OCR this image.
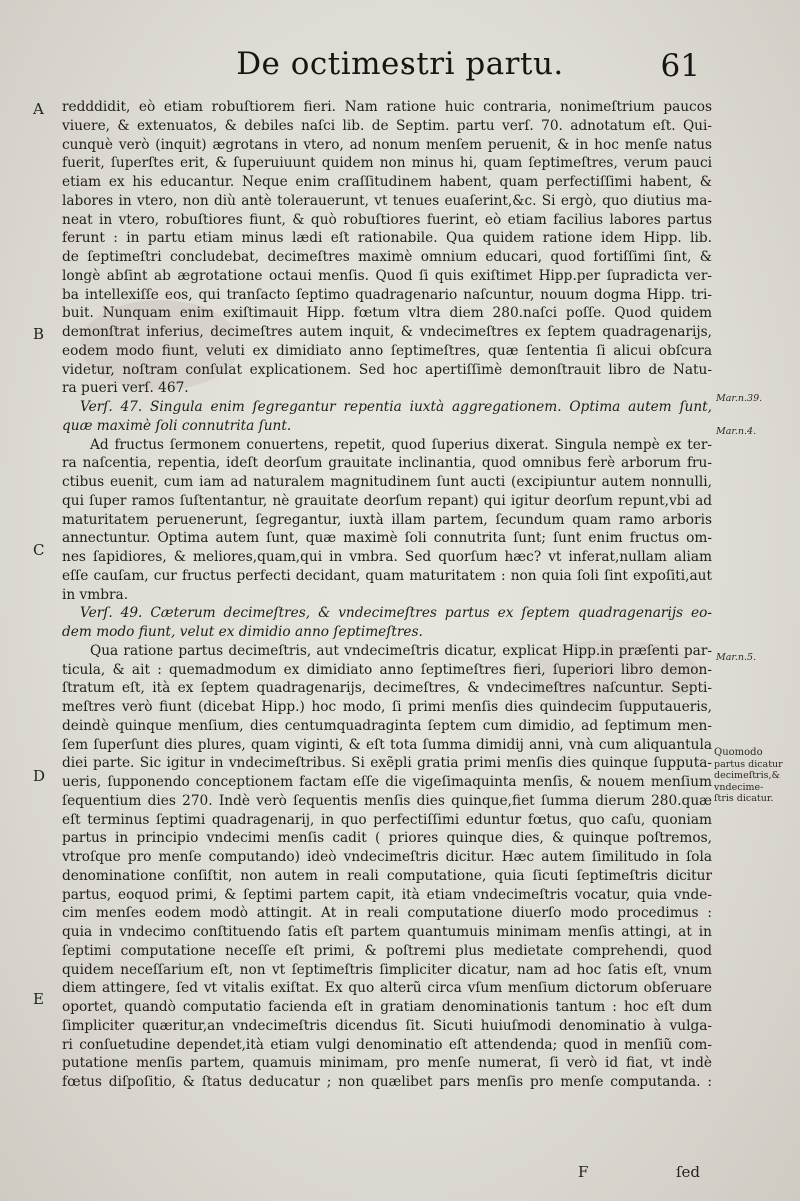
De octimestri partu.	61
A
B
C
D
E
Mar.n.39.
Mar.n.4.
Mar.n.5.
Quomodo
partus dicatur
decimeſtris,&
vndecime-
ſtris dicatur.
redddidit, eò etiam robuſtiorem fieri. Nam ratione huic contraria, nonimeſtrium paucos
viuere, & extenuatos, & debiles naſci lib. de Septim. partu verſ. 70. adnotatum eſt. Qui-
cunquè verò (inquit) ægrotans in vtero, ad nonum menſem peruenit, & in hoc menſe natus
fuerit, ſuperſtes erit, & ſuperuiuunt quidem non minus hi, quam ſeptimeſtres, verum pauci
etiam ex his educantur. Neque enim craſſitudinem habent, quam perfectiſſimi habent, &
labores in vtero, non diù antè tolerauerunt, vt tenues euaſerint,&c. Si ergò, quo diutius ma-
neat in vtero, robuſtiores fiunt, & quò robuſtiores fuerint, eò etiam facilius labores partus
ferunt : in partu etiam minus lædi eſt rationabile. Qua quidem ratione idem Hipp. lib.
de ſeptimeſtri concludebat, decimeſtres maximè omnium educari, quod fortiſſimi ſint, &
longè abſint ab ægrotatione octaui menſis. Quod ſi quis exiſtimet Hipp.per ſupradicta ver-
ba intellexiſſe eos, qui tranſacto ſeptimo quadragenario naſcuntur, nouum dogma Hipp. tri-
buit. Nunquam enim exiſtimauit Hipp. fœtum vltra diem 280.naſci poſſe. Quod quidem
demonſtrat inferius, decimeſtres autem inquit, & vndecimeſtres ex ſeptem quadragenarijs,
eodem modo fiunt, veluti ex dimidiato anno ſeptimeſtres, quæ ſententia ſi alicui obſcura
videtur, noſtram conſulat explicationem. Sed hoc apertiſſimè demonſtrauit libro de Natu-
ra pueri verſ. 467.
Verſ. 47. Singula enim ſegregantur repentia iuxtà aggregationem. Optima autem ſunt,
quæ maximè ſoli connutrita ſunt.
Ad fructus ſermonem conuertens, repetit, quod ſuperius dixerat. Singula nempè ex ter-
ra naſcentia, repentia, ideſt deorſum grauitate inclinantia, quod omnibus ferè arborum fru-
ctibus euenit, cum iam ad naturalem magnitudinem ſunt aucti (excipiuntur autem nonnulli,
qui ſuper ramos ſuſtentantur, nè grauitate deorſum repant) qui igitur deorſum repunt,vbi ad
maturitatem peruenerunt, ſegregantur, iuxtà illam partem, ſecundum quam ramo arboris
annectuntur. Optima autem ſunt, quæ maximè ſoli connutrita ſunt; ſunt enim fructus om-
nes ſapidiores, & meliores,quam,qui in vmbra. Sed quorſum hæc? vt inferat,nullam aliam
eſſe cauſam, cur fructus perfecti decidant, quam maturitatem : non quia ſoli ſint expoſiti,aut
in vmbra.
Verſ. 49. Cæterum decimeſtres, & vndecimeſtres partus ex ſeptem quadragenarijs eo-
dem modo fiunt, velut ex dimidio anno ſeptimeſtres.
Qua ratione partus decimeſtris, aut vndecimeſtris dicatur, explicat Hipp.in præſenti par-
ticula, & ait : quemadmodum ex dimidiato anno ſeptimeſtres fieri, ſuperiori libro demon-
ſtratum eſt, ità ex ſeptem quadragenarijs, decimeſtres, & vndecimeſtres naſcuntur. Septi-
meſtres verò fiunt (dicebat Hipp.) hoc modo, ſi primi menſis dies quindecim ſupputaueris,
deindè quinque menſium, dies centumquadraginta ſeptem cum dimidio, ad ſeptimum men-
ſem ſuperſunt dies plures, quam viginti, & eſt tota ſumma dimidij anni, vnà cum aliquantula
diei parte. Sic igitur in vndecimeſtribus. Si exẽpli gratia primi menſis dies quinque ſupputa-
ueris, ſupponendo conceptionem factam eſſe die vigeſimaquinta menſis, & nouem menſium
ſequentium dies 270. Indè verò ſequentis menſis dies quinque,fiet ſumma dierum 280.quæ
eſt terminus ſeptimi quadragenarij, in quo perfectiſſimi eduntur fœtus, quo caſu, quoniam
partus in principio vndecimi menſis cadit ( priores quinque dies, & quinque poſtremos,
vtroſque pro menſe computando) ideò vndecimeſtris dicitur. Hæc autem ſimilitudo in ſola
denominatione conſiſtit, non autem in reali computatione, quia ſicuti ſeptimeſtris dicitur
partus, eoquod primi, & ſeptimi partem capit, ità etiam vndecimeſtris vocatur, quia vnde-
cim menſes eodem modò attingit. At in reali computatione diuerſo modo procedimus :
quia in vndecimo conſtituendo ſatis eſt partem quantumuis minimam menſis attingi, at in
ſeptimi computatione neceſſe eſt primi, & poſtremi plus medietate comprehendi, quod
quidem neceſſarium eſt, non vt ſeptimeſtris ſimpliciter dicatur, nam ad hoc ſatis eſt, vnum
diem attingere, ſed vt vitalis exiſtat. Ex quo alterũ circa vſum menſium dictorum obſeruare
oportet, quandò computatio facienda eſt in gratiam denominationis tantum : hoc eſt dum
ſimpliciter quæritur,an vndecimeſtris dicendus ſit. Sicuti huiuſmodi denominatio à vulga-
ri conſuetudine dependet,ità etiam vulgi denominatio eſt attendenda; quod in menſiũ com-
putatione menſis partem, quamuis minimam, pro menſe numerat, ſi verò id fiat, vt indè
fœtus diſpoſitio, & ſtatus deducatur ; non quælibet pars menſis pro menſe computanda. :
F	ſed
